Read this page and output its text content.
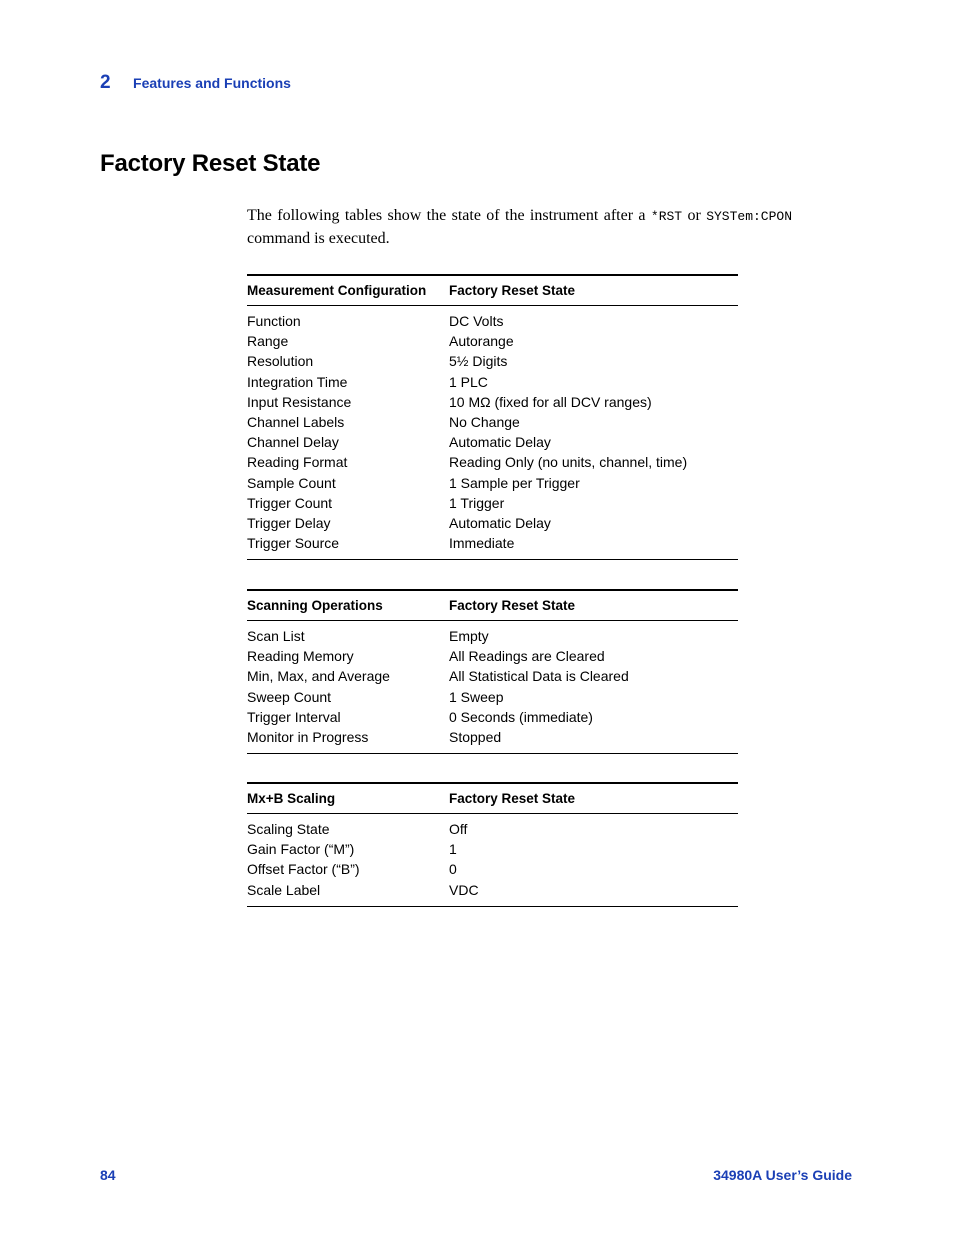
2 Features and Functions
Factory Reset State

The following tables show the state of the instrument after a *RST or SYSTem:CPON command is executed.

Measurement Configuration	Factory Reset State
Function	DC Volts
Range	Autorange
Resolution	5½ Digits
Integration Time	1 PLC
Input Resistance	10 MΩ (fixed for all DCV ranges)
Channel Labels	No Change
Channel Delay	Automatic Delay
Reading Format	Reading Only (no units, channel, time)
Sample Count	1 Sample per Trigger
Trigger Count	1 Trigger
Trigger Delay	Automatic Delay
Trigger Source	Immediate
Scanning Operations	Factory Reset State
Scan List	Empty
Reading Memory	All Readings are Cleared
Min, Max, and Average	All Statistical Data is Cleared
Sweep Count	1 Sweep
Trigger Interval	0 Seconds (immediate)
Monitor in Progress	Stopped
Mx+B Scaling	Factory Reset State
Scaling State	Off
Gain Factor (“M”)	1
Offset Factor (“B”)	0
Scale Label	VDC
84	34980A User’s Guide
